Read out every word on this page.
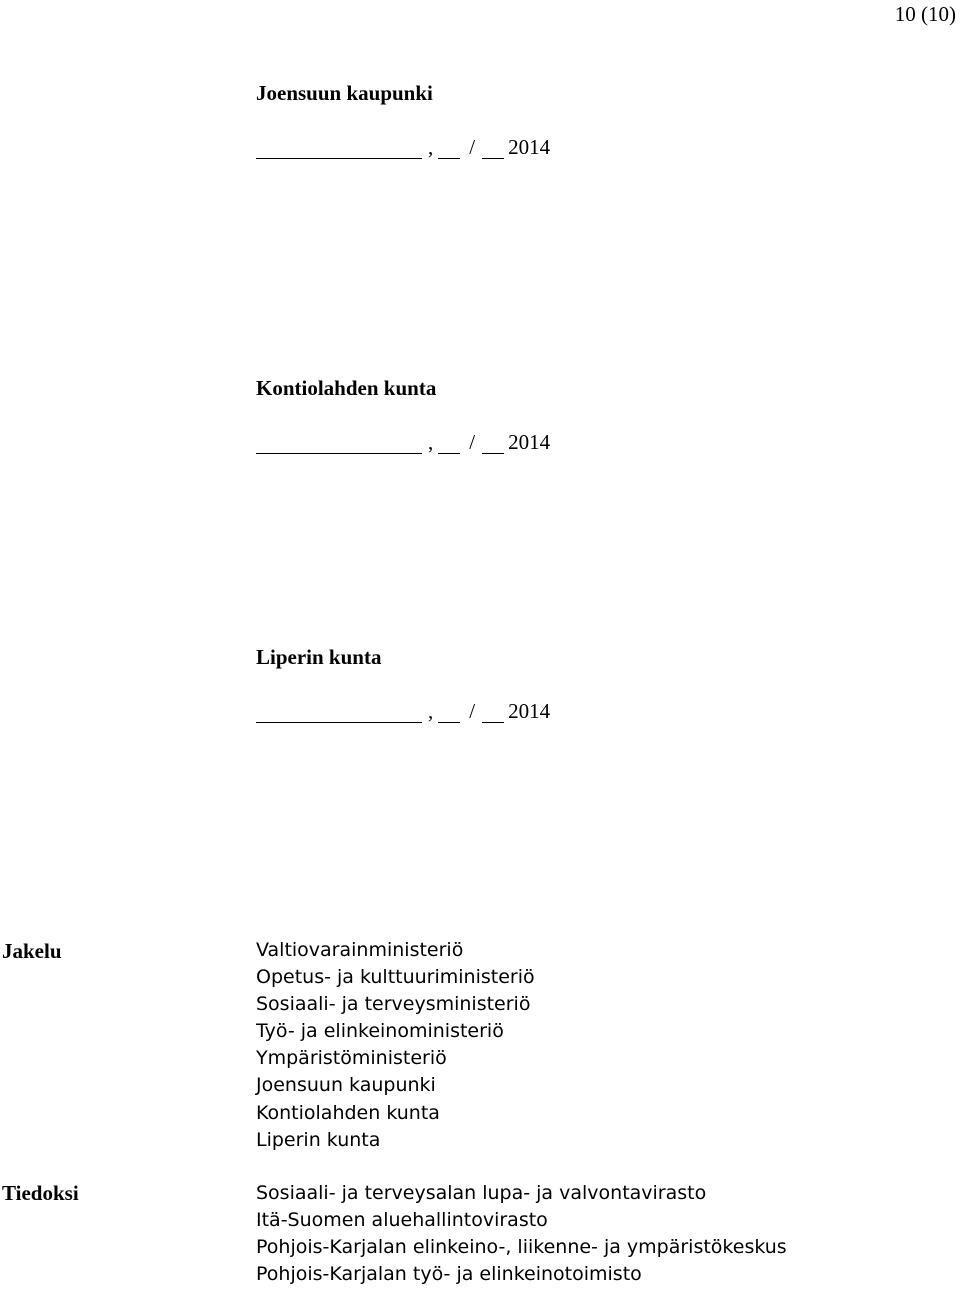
10 (10)
Joensuun kaupunki
, / 2014
Kontiolahden kunta
, / 2014
Liperin kunta
, / 2014
Jakelu	Valtiovarainministeriö
Opetus- ja kulttuuriministeriö
Sosiaali- ja terveysministeriö
Työ- ja elinkeinoministeriö
Ympäristöministeriö
Joensuun kaupunki
Kontiolahden kunta
Liperin kunta
Tiedoksi	Sosiaali- ja terveysalan lupa- ja valvontavirasto
Itä-Suomen aluehallintovirasto
Pohjois-Karjalan elinkeino-, liikenne- ja ympäristökeskus
Pohjois-Karjalan työ- ja elinkeinotoimisto
